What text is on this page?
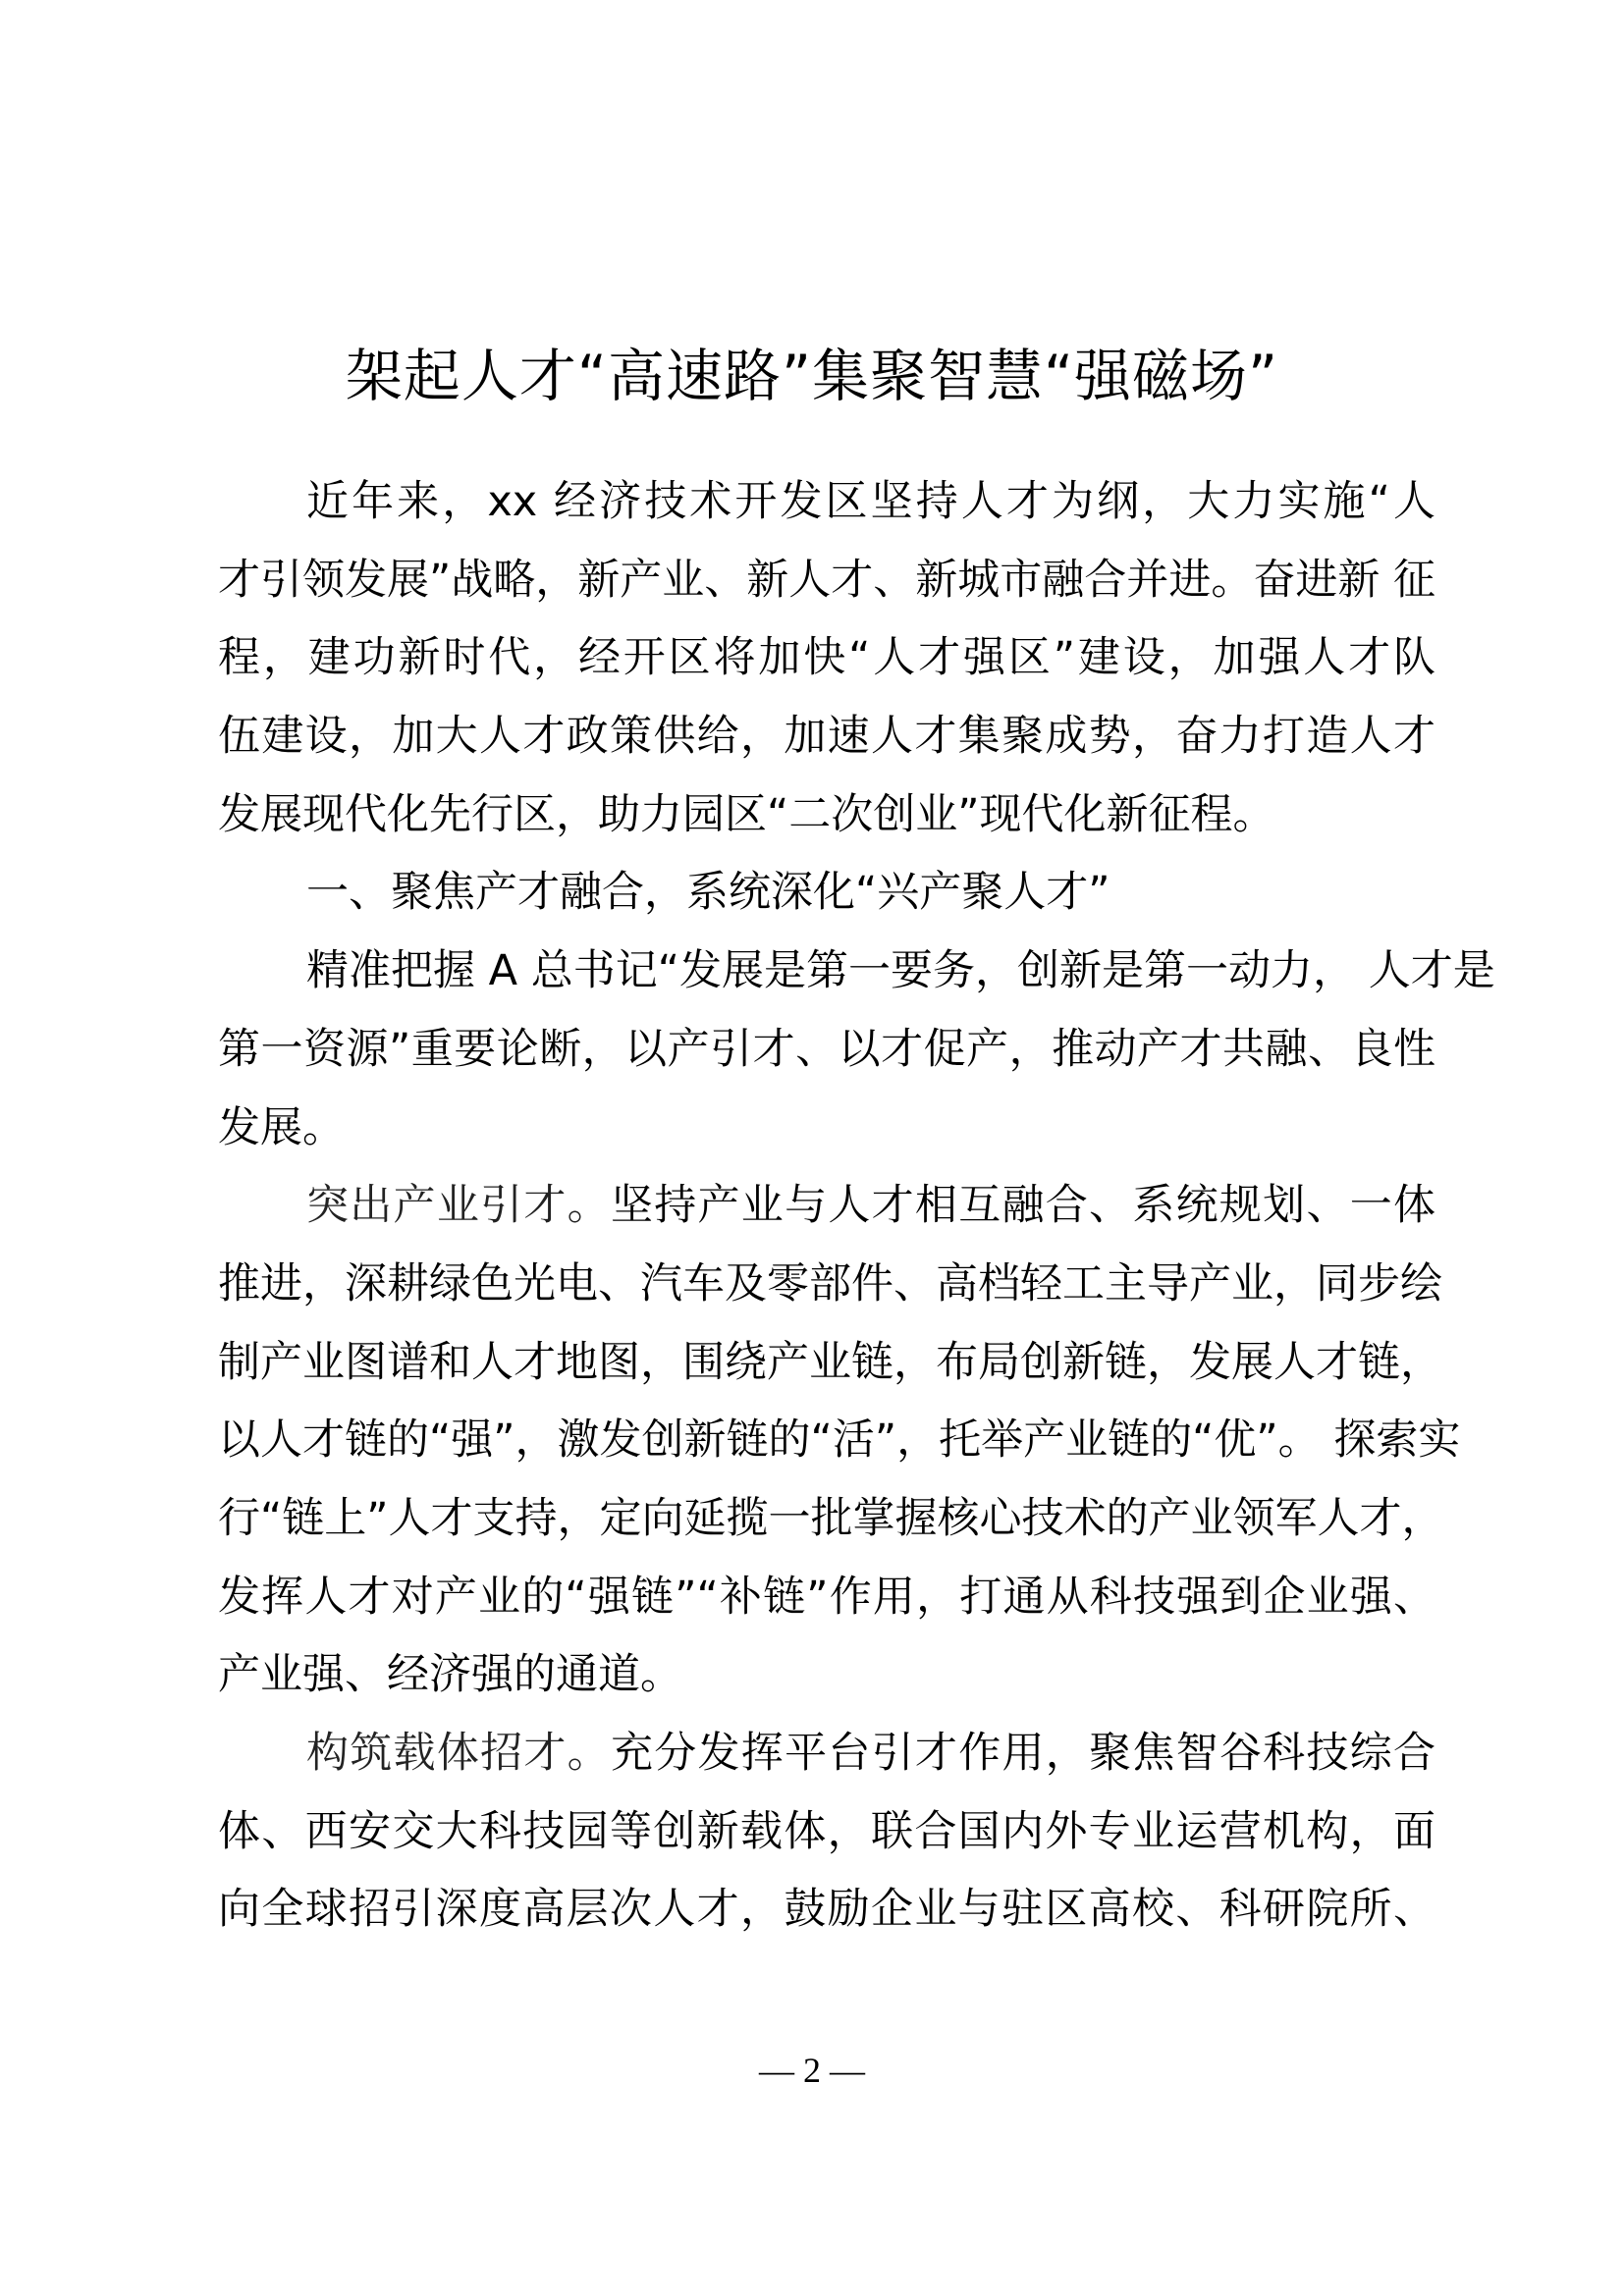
架起人才“高速路”集聚智慧“强磁场”
近年来，xx 经济技术开发区坚持人才为纲，大力实施“人
才引领发展”战略，新产业、新人才、新城市融合并进。奋进新 征
程，建功新时代，经开区将加快“人才强区”建设，加强人才队
伍建设，加大人才政策供给，加速人才集聚成势，奋力打造人才
发展现代化先行区，助力园区“二次创业”现代化新征程。
一、聚焦产才融合，系统深化“兴产聚人才”
精准把握 A 总书记“发展是第一要务，创新是第一动力， 人才是
第一资源”重要论断，以产引才、以才促产，推动产才共融、良性
发展。
突出产业引才。坚持产业与人才相互融合、系统规划、一体
推进，深耕绿色光电、汽车及零部件、高档轻工主导产业，同步绘
制产业图谱和人才地图，围绕产业链，布局创新链，发展人才链，
以人才链的“强”，激发创新链的“活”，托举产业链的“优”。 探索实
行“链上”人才支持，定向延揽一批掌握核心技术的产业领军人才，
发挥人才对产业的“强链”“补链”作用，打通从科技强到企业强、
产业强、经济强的通道。
构筑载体招才。充分发挥平台引才作用，聚焦智谷科技综合
体、西安交大科技园等创新载体，联合国内外专业运营机构，面
向全球招引深度高层次人才，鼓励企业与驻区高校、科研院所、
— 2 —
